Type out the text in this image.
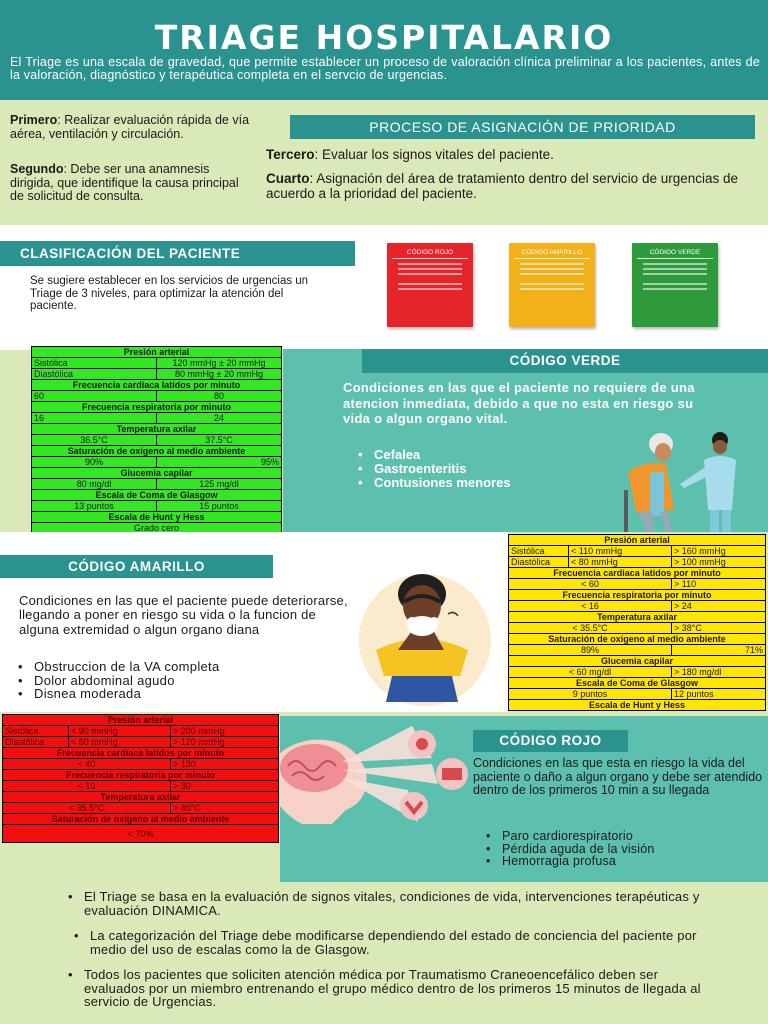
TRIAGE HOSPITALARIO
El Triage es una escala de gravedad, que permite establecer un proceso de valoración clínica preliminar a los pacientes, antes de la valoración, diagnóstico y terapéutica completa en el servcio de urgencias.
Primero: Realizar evaluación rápida de vía aérea, ventilación y circulación.
Segundo: Debe ser una anamnesis dirigida, que identifique la causa principal de solicitud de consulta.
PROCESO DE ASIGNACIÓN DE PRIORIDAD
Tercero: Evaluar los signos vitales del paciente.
Cuarto: Asignación del área de tratamiento dentro del servicio de urgencias de acuerdo a la prioridad del paciente.
CLASIFICACIÓN DEL PACIENTE
Se sugiere establecer en los servicios de urgencias un Triage de 3 niveles, para optimizar la atención del paciente.
CÓDIGO ROJO	CÓDIGO AMARILLO	CÓDIGO VERDE
CÓDIGO VERDE
Condiciones en las que el paciente no requiere de una atencion inmediata, debido a que no esta en riesgo su vida o algun organo vital.
• Cefalea
• Gastroenteritis
• Contusiones menores
Presión arterial	
Sistólica	120 mmHg ± 20 mmHg
Diastólica	80 mmHg ± 20 mmHg
Frecuencia cardiaca latidos por minuto	
60	80
Frecuencia respiratoria por minuto	
16	24
Temperatura axilar	
36.5°C	37.5°C
Saturación de oxígeno al medio ambiente	
90%	95%
Glucemia capilar	
80 mg/dl	125 mg/dl
Escala de Coma de Glasgow	
13 puntos	15 puntos
Escala de Hunt y Hess	
Grado cero	
CÓDIGO AMARILLO
Condiciones en las que el paciente puede deteriorarse, llegando a poner en riesgo su vida o la funcion de alguna extremidad o algun organo diana
• Obstruccion de la VA completa
• Dolor abdominal agudo
• Disnea moderada
Presión arterial		
Sistólica	< 110 mmHg	> 160 mmHg
Diastólica	< 80 mmHg	> 100 mmHg
Frecuencia cardiaca latidos por minuto		
< 60		> 110
Frecuencia respiratoria por minuto		
< 16		> 24
Temperatura axilar		
< 35.5°C		> 38°C
Saturación de oxígeno al medio ambiente		
89%		71%
Glucemia capilar		
< 60 mg/dl		> 180 mg/dl
Escala de Coma de Glasgow		
9 puntos		12 puntos
Escala de Hunt y Hess		
CÓDIGO ROJO
Condiciones en las que esta en riesgo la vida del paciente o daño a algun organo y debe ser atendido dentro de los primeros 10 min a su llegada
• Paro cardiorespiratorio
• Pérdida aguda de la visión
• Hemorragia profusa
Presión arterial		
Sistólica	< 90 mmHg	> 200 mmHg
Diastólica	< 60 mmHg	> 120 mmHg
Frecuencia cardiaca latidos por minuto		
< 40		> 130
Frecuencia respiratoria por minuto		
< 10		> 30
Temperatura axilar		
< 35.5°C		> 40°C
Saturación de oxígeno al medio ambiente		
< 70%		
• El Triage se basa en la evaluación de signos vitales, condiciones de vida, intervenciones terapéuticas y evaluación DINAMICA.
• La categorización del Triage debe modificarse dependiendo del estado de conciencia del paciente por medio del uso de escalas como la de Glasgow.
• Todos los pacientes que soliciten atención médica por Traumatismo Craneoencefálico deben ser evaluados por un miembro entrenando el grupo médico dentro de los primeros 15 minutos de llegada al servicio de Urgencias.
